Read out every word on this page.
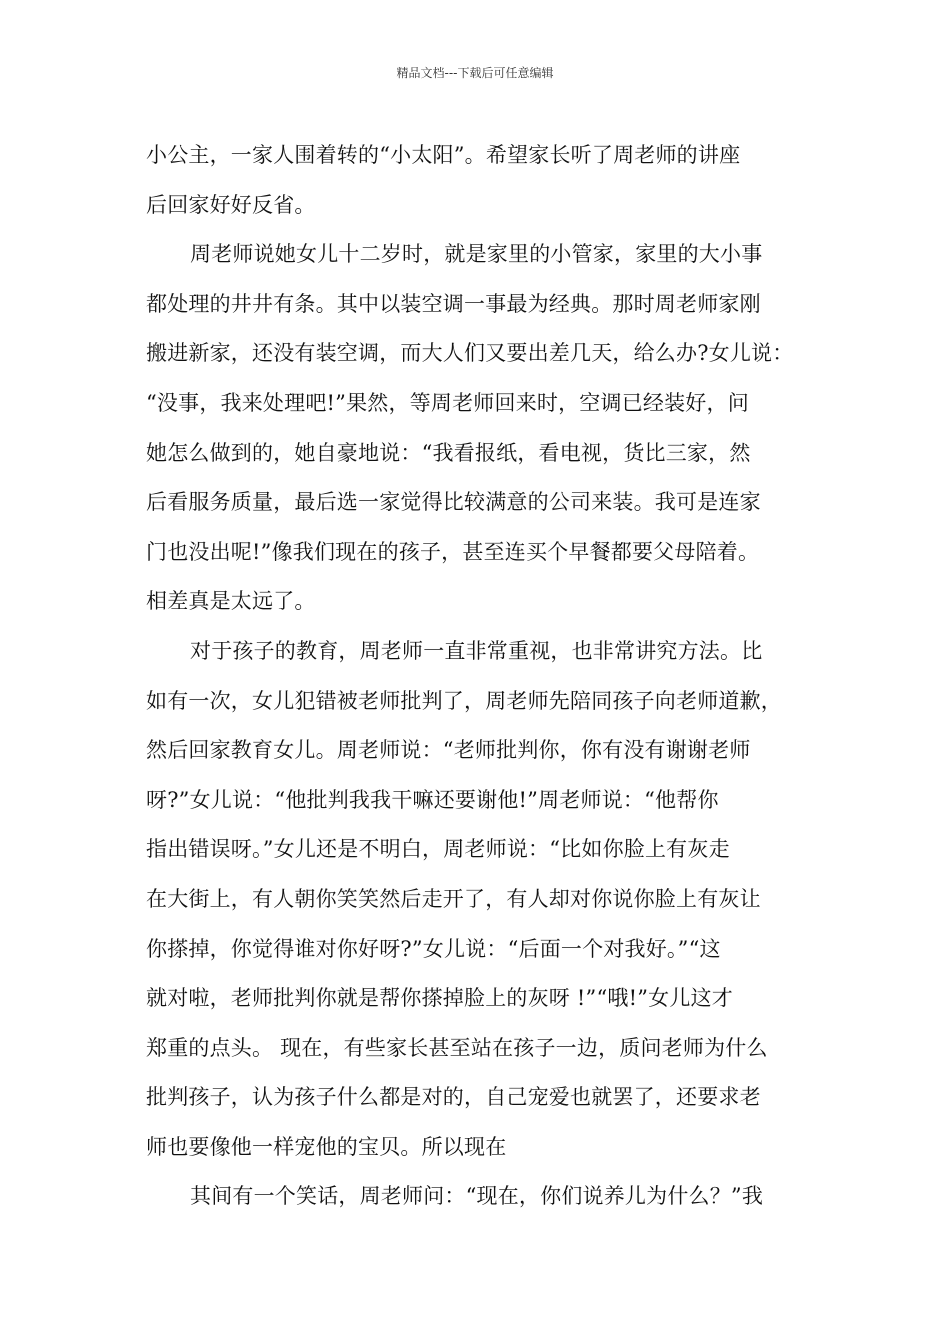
精品文档---下载后可任意编辑
小公主，一家人围着转的“小太阳”。希望家长听了周老师的讲座
后回家好好反省。
周老师说她女儿十二岁时，就是家里的小管家，家里的大小事
都处理的井井有条。其中以装空调一事最为经典。那时周老师家刚
搬进新家，还没有装空调，而大人们又要出差几天，给么办?女儿说：
“没事，我来处理吧!”果然，等周老师回来时，空调已经装好，问
她怎么做到的，她自豪地说：“我看报纸，看电视，货比三家，然
后看服务质量，最后选一家觉得比较满意的公司来装。我可是连家
门也没出呢!”像我们现在的孩子，甚至连买个早餐都要父母陪着。
相差真是太远了。
对于孩子的教育，周老师一直非常重视，也非常讲究方法。比
如有一次，女儿犯错被老师批判了，周老师先陪同孩子向老师道歉，
然后回家教育女儿。周老师说：“老师批判你，你有没有谢谢老师
呀?”女儿说：“他批判我我干嘛还要谢他!”周老师说：“他帮你
指出错误呀。”女儿还是不明白，周老师说：“比如你脸上有灰走
在大街上，有人朝你笑笑然后走开了，有人却对你说你脸上有灰让
你搽掉，你觉得谁对你好呀?”女儿说：“后面一个对我好。”“这
就对啦，老师批判你就是帮你搽掉脸上的灰呀 !”“哦!”女儿这才
郑重的点头。 现在，有些家长甚至站在孩子一边，质问老师为什么
批判孩子，认为孩子什么都是对的，自己宠爱也就罢了，还要求老
师也要像他一样宠他的宝贝。所以现在
其间有一个笑话，周老师问：“现在，你们说养儿为什么？”我
